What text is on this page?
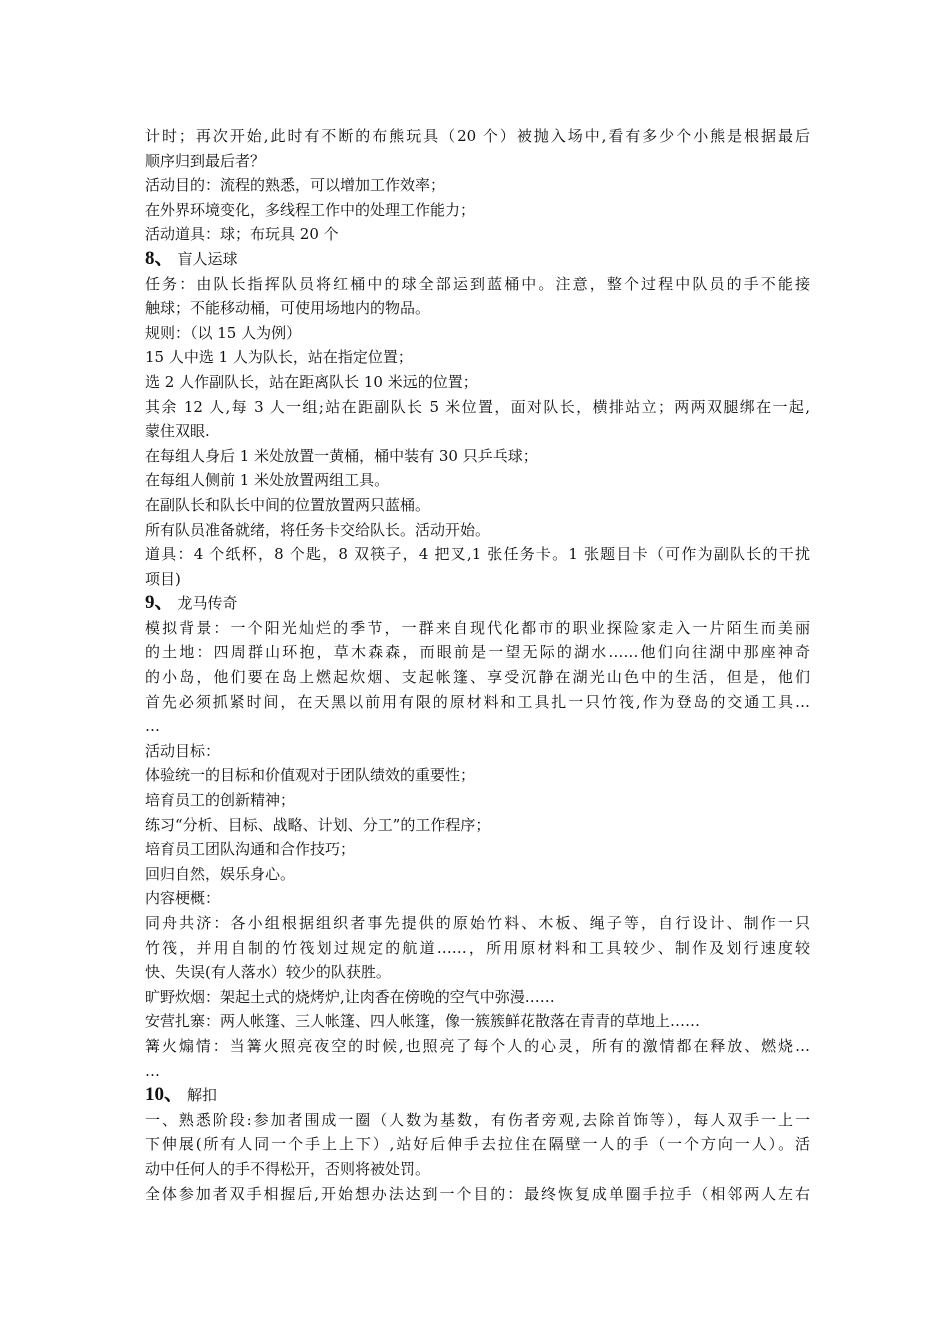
计时；再次开始,此时有不断的布熊玩具（20 个）被抛入场中,看有多少个小熊是根据最后
顺序归到最后者？
活动目的：流程的熟悉，可以增加工作效率；
在外界环境变化，多线程工作中的处理工作能力；
活动道具：球；布玩具 20 个
8、 盲人运球
任务：由队长指挥队员将红桶中的球全部运到蓝桶中。注意，整个过程中队员的手不能接
触球；不能移动桶，可使用场地内的物品。
规则：（以 15 人为例）
15 人中选 1 人为队长，站在指定位置；
选 2 人作副队长，站在距离队长 10 米远的位置；
其余 12 人,每 3 人一组;站在距副队长 5 米位置，面对队长，横排站立；两两双腿绑在一起,
蒙住双眼.
在每组人身后 1 米处放置一黄桶，桶中装有 30 只乒乓球；
在每组人侧前 1 米处放置两组工具。
在副队长和队长中间的位置放置两只蓝桶。
所有队员准备就绪，将任务卡交给队长。活动开始。
道具：4 个纸杯，8 个匙，8 双筷子，4 把叉,1 张任务卡。1 张题目卡（可作为副队长的干扰
项目)
9、 龙马传奇
模拟背景：一个阳光灿烂的季节，一群来自现代化都市的职业探险家走入一片陌生而美丽
的土地：四周群山环抱，草木森森，而眼前是一望无际的湖水……他们向往湖中那座神奇
的小岛，他们要在岛上燃起炊烟、支起帐篷、享受沉静在湖光山色中的生活，但是，他们
首先必须抓紧时间，在天黑以前用有限的原材料和工具扎一只竹筏,作为登岛的交通工具…
…
活动目标：
体验统一的目标和价值观对于团队绩效的重要性；
培育员工的创新精神；
练习“分析、目标、战略、计划、分工”的工作程序；
培育员工团队沟通和合作技巧；
回归自然，娱乐身心。
内容梗概：
同舟共济：各小组根据组织者事先提供的原始竹料、木板、绳子等，自行设计、制作一只
竹筏，并用自制的竹筏划过规定的航道……，所用原材料和工具较少、制作及划行速度较
快、失误(有人落水）较少的队获胜。
旷野炊烟：架起土式的烧烤炉,让肉香在傍晚的空气中弥漫……
安营扎寨：两人帐篷、三人帐篷、四人帐篷，像一簇簇鲜花散落在青青的草地上……
篝火煽情：当篝火照亮夜空的时候,也照亮了每个人的心灵，所有的激情都在释放、燃烧…
…
10、 解扣
一、熟悉阶段:参加者围成一圈（人数为基数，有伤者旁观,去除首饰等），每人双手一上一
下伸展(所有人同一个手上上下）,站好后伸手去拉住在隔壁一人的手（一个方向一人）。活
动中任何人的手不得松开，否则将被处罚。
全体参加者双手相握后,开始想办法达到一个目的：最终恢复成单圈手拉手（相邻两人左右
